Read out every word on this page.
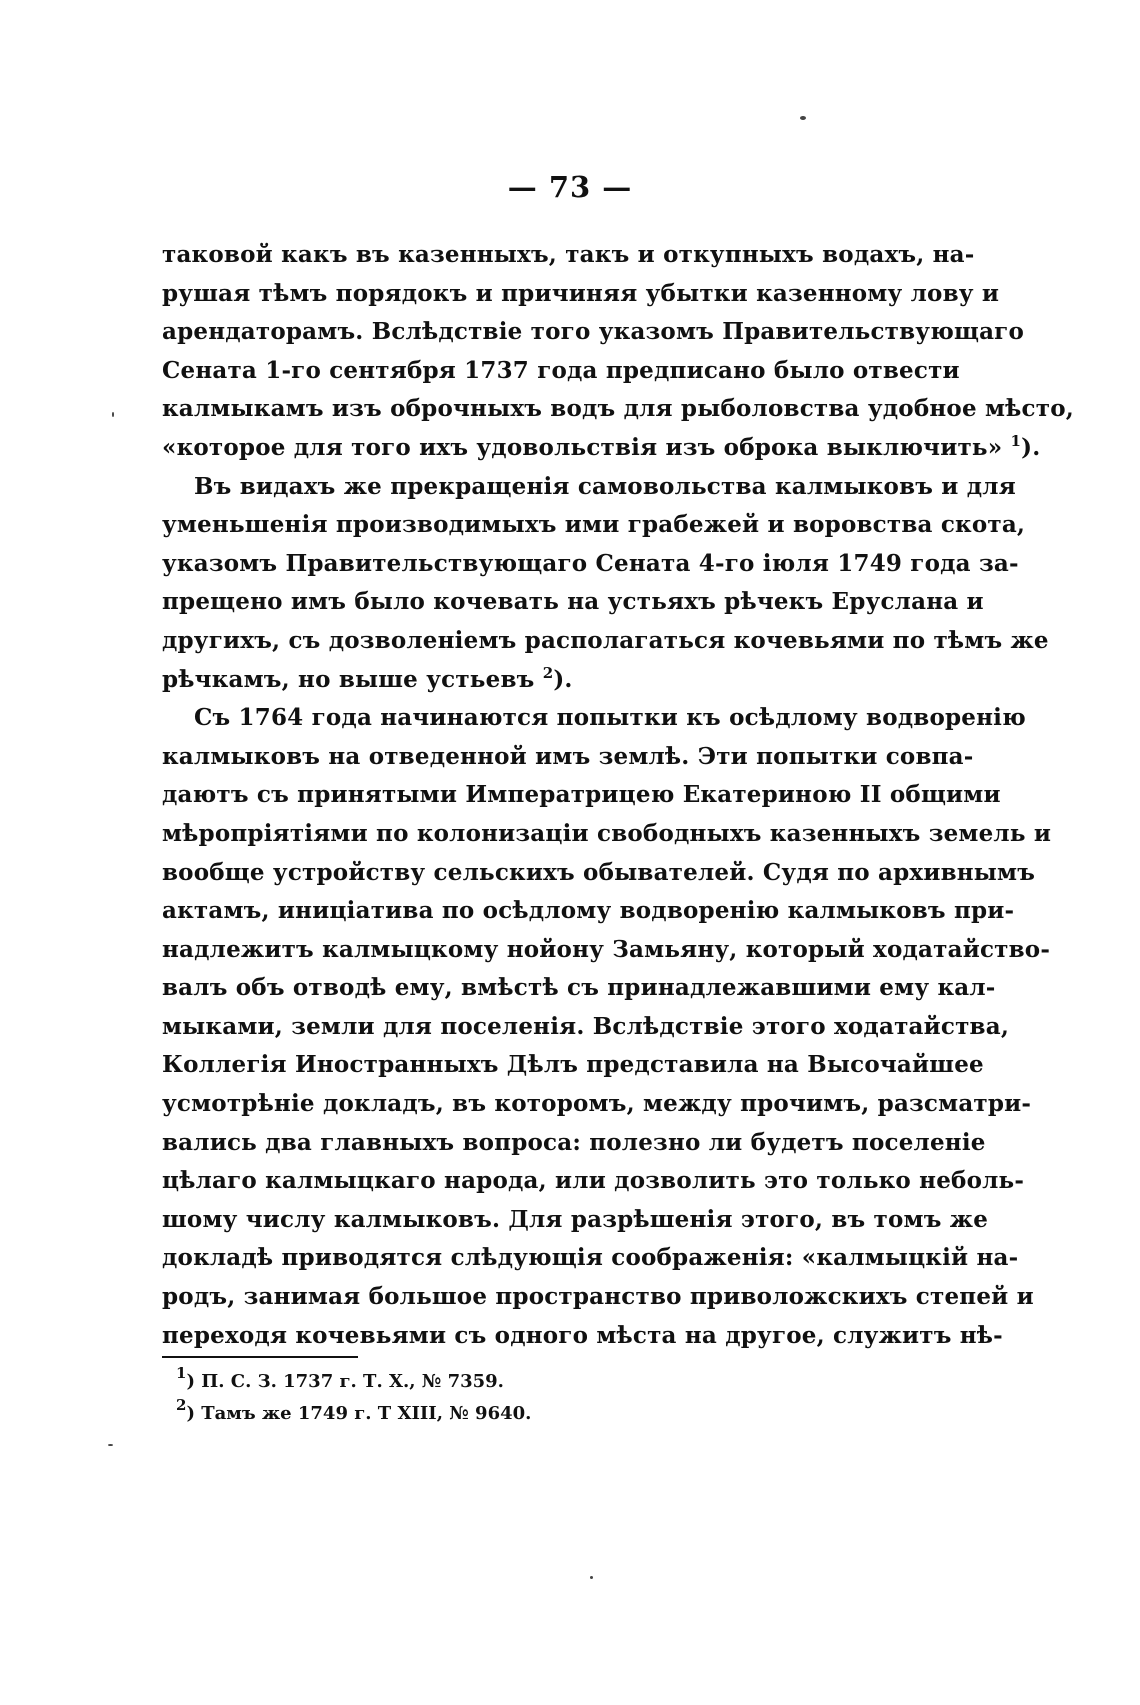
— 73 —
таковой какъ въ казенныхъ, такъ и откупныхъ водахъ, на-
рушая тѣмъ порядокъ и причиняя убытки казенному лову и
арендаторамъ. Вслѣдствіе того указомъ Правительствующаго
Сената 1-го сентября 1737 года предписано было отвести
калмыкамъ изъ оброчныхъ водъ для рыболовства удобное мѣсто,
«которое для того ихъ удовольствія изъ оброка выключить» $^1$).
Въ видахъ же прекращенія самовольства калмыковъ и для
уменьшенія производимыхъ ими грабежей и воровства скота,
указомъ Правительствующаго Сената 4-го іюля 1749 года за-
прещено имъ было кочевать на устьяхъ рѣчекъ Еруслана и
другихъ, съ дозволеніемъ располагаться кочевьями по тѣмъ же
рѣчкамъ, но выше устьевъ $^2$).
Съ 1764 года начинаются попытки къ осѣдлому водворенію
калмыковъ на отведенной имъ землѣ. Эти попытки совпа-
даютъ съ принятыми Императрицею Екатериною II общими
мѣропріятіями по колонизаціи свободныхъ казенныхъ земель и
вообще устройству сельскихъ обывателей. Судя по архивнымъ
актамъ, иниціатива по осѣдлому водворенію калмыковъ при-
надлежитъ калмыцкому нойону Замьяну, который ходатайство-
валъ объ отводѣ ему, вмѣстѣ съ принадлежавшими ему кал-
мыками, земли для поселенія. Вслѣдствіе этого ходатайства,
Коллегія Иностранныхъ Дѣлъ представила на Высочайшее
усмотрѣніе докладъ, въ которомъ, между прочимъ, разсматри-
вались два главныхъ вопроса: полезно ли будетъ поселеніе
цѣлаго калмыцкаго народа, или дозволить это только неболь-
шому числу калмыковъ. Для разрѣшенія этого, въ томъ же
докладѣ приводятся слѣдующія соображенія: «калмыцкій на-
родъ, занимая большое пространство приволожскихъ степей и
переходя кочевьями съ одного мѣста на другое, служитъ нѣ-
$^1$) П. С. З. 1737 г. Т. Х., № 7359.
$^2$) Тамъ же 1749 г. Т XIII, № 9640.
